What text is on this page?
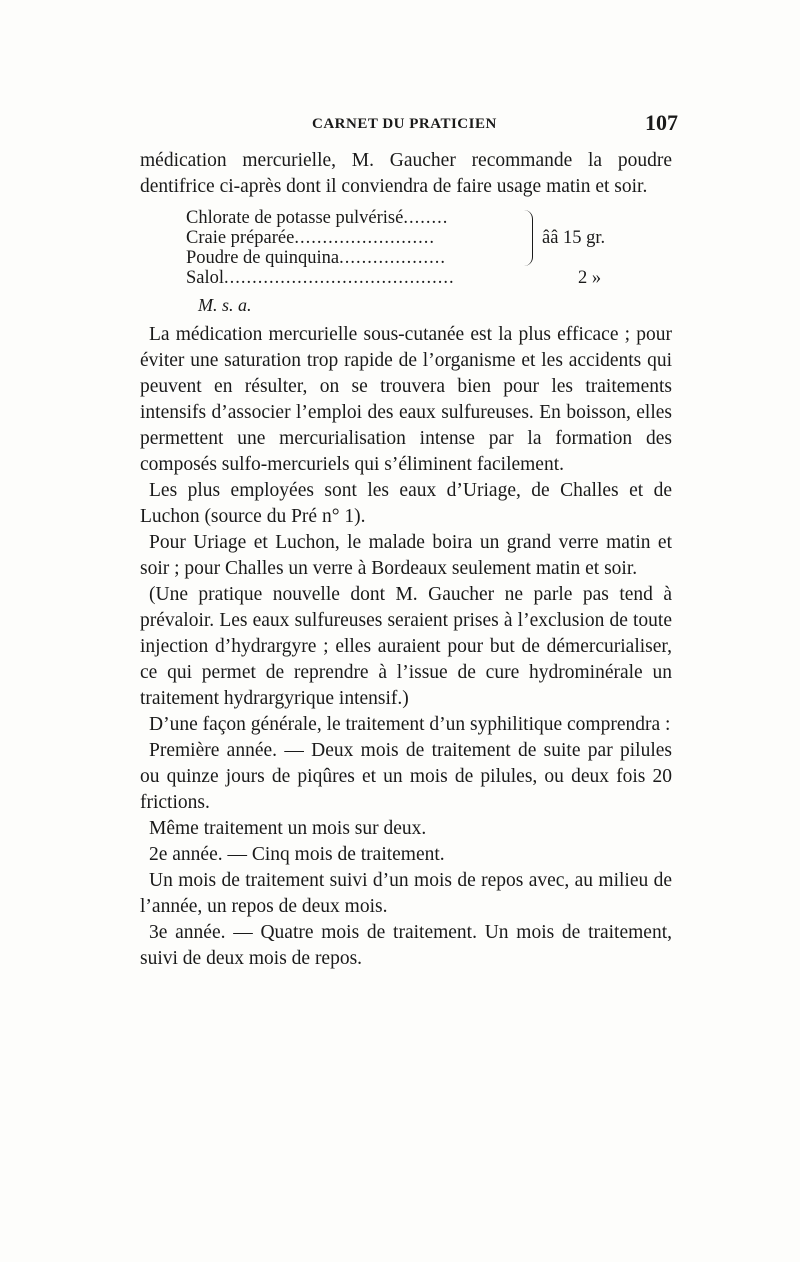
CARNET DU PRATICIEN	107

médication mercurielle, M. Gaucher recommande la poudre dentifrice ci-après dont il conviendra de faire usage matin et soir.

Chlorate de potasse pulvérisé........
Craie préparée.........................
Poudre de quinquina...................
Salol.........................................	2 »
ââ 15 gr.
M. s. a.

La médication mercurielle sous-cutanée est la plus efficace ; pour éviter une saturation trop rapide de l’organisme et les accidents qui peuvent en résulter, on se trouvera bien pour les traitements intensifs d’associer l’emploi des eaux sulfureuses. En boisson, elles permettent une mercurialisation intense par la formation des composés sulfo-mercuriels qui s’éliminent facilement.

Les plus employées sont les eaux d’Uriage, de Challes et de Luchon (source du Pré n° 1).

Pour Uriage et Luchon, le malade boira un grand verre matin et soir ; pour Challes un verre à Bordeaux seulement matin et soir.

(Une pratique nouvelle dont M. Gaucher ne parle pas tend à prévaloir. Les eaux sulfureuses seraient prises à l’exclusion de toute injection d’hydrargyre ; elles auraient pour but de démercurialiser, ce qui permet de reprendre à l’issue de cure hydrominérale un traitement hydrargyrique intensif.)

D’une façon générale, le traitement d’un syphilitique comprendra :

Première année. — Deux mois de traitement de suite par pilules ou quinze jours de piqûres et un mois de pilules, ou deux fois 20 frictions.

Même traitement un mois sur deux.

2e année. — Cinq mois de traitement.

Un mois de traitement suivi d’un mois de repos avec, au milieu de l’année, un repos de deux mois.

3e année. — Quatre mois de traitement. Un mois de traitement, suivi de deux mois de repos.
